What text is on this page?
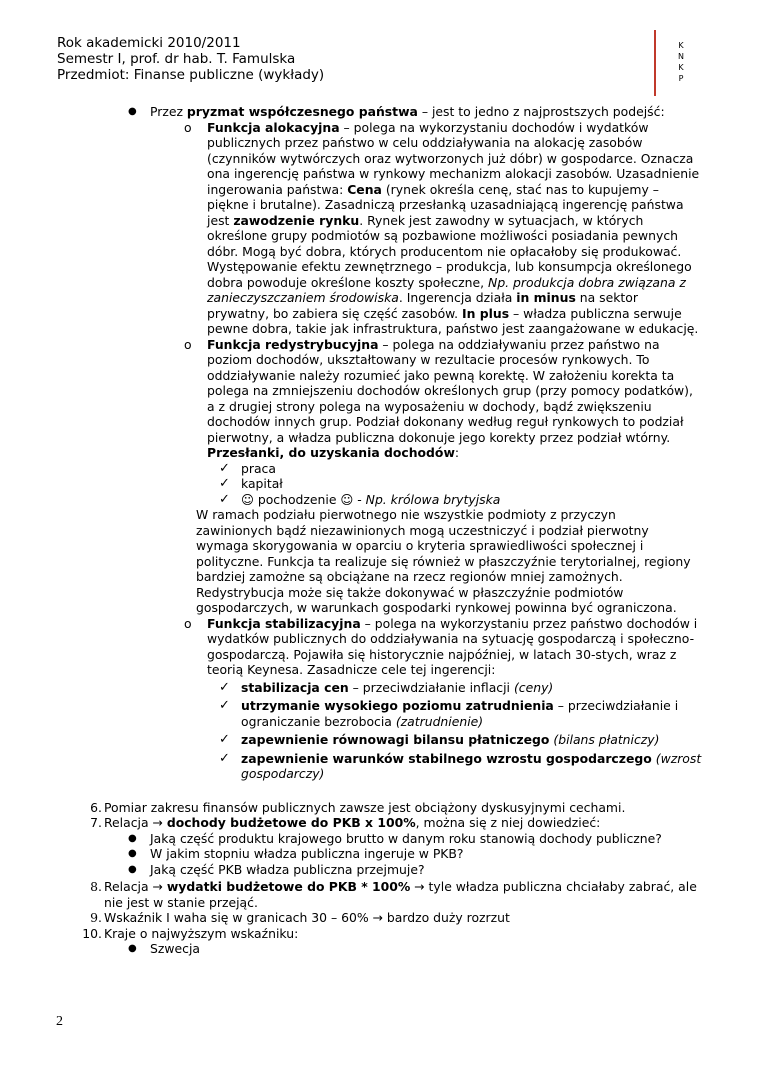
Rok akademicki 2010/2011
Semestr I, prof. dr hab. T. Famulska
Przedmiot: Finanse publiczne (wykłady)
K
N
K
P
● Przez pryzmat współczesnego państwa – jest to jedno z najprostszych podejść:
o Funkcja alokacyjna – polega na wykorzystaniu dochodów i wydatków publicznych przez państwo w celu oddziaływania na alokację zasobów (czynników wytwórczych oraz wytworzonych już dóbr) w gospodarce. Oznacza ona ingerencję państwa w rynkowy mechanizm alokacji zasobów. Uzasadnienie ingerowania państwa: Cena (rynek określa cenę, stać nas to kupujemy – piękne i brutalne). Zasadniczą przesłanką uzasadniającą ingerencję państwa jest zawodzenie rynku. Rynek jest zawodny w sytuacjach, w których określone grupy podmiotów są pozbawione możliwości posiadania pewnych dóbr. Mogą być dobra, których producentom nie opłacałoby się produkować. Występowanie efektu zewnętrznego – produkcja, lub konsumpcja określonego dobra powoduje określone koszty społeczne, Np. produkcja dobra związana z zanieczyszczaniem środowiska. Ingerencja działa in minus na sektor prywatny, bo zabiera się część zasobów. In plus – władza publiczna serwuje pewne dobra, takie jak infrastruktura, państwo jest zaangażowane w edukację.
o Funkcja redystrybucyjna – polega na oddziaływaniu przez państwo na poziom dochodów, ukształtowany w rezultacie procesów rynkowych. To oddziaływanie należy rozumieć jako pewną korektę. W założeniu korekta ta polega na zmniejszeniu dochodów określonych grup (przy pomocy podatków), a z drugiej strony polega na wyposażeniu w dochody, bądź zwiększeniu dochodów innych grup. Podział dokonany według reguł rynkowych to podział pierwotny, a władza publiczna dokonuje jego korekty przez podział wtórny. Przesłanki, do uzyskania dochodów:
✓ praca
✓ kapitał
✓ ☺ pochodzenie ☺ - Np. królowa brytyjska
W ramach podziału pierwotnego nie wszystkie podmioty z przyczyn zawinionych bądź niezawinionych mogą uczestniczyć i podział pierwotny wymaga skorygowania w oparciu o kryteria sprawiedliwości społecznej i polityczne. Funkcja ta realizuje się również w płaszczyźnie terytorialnej, regiony bardziej zamożne są obciążane na rzecz regionów mniej zamożnych. Redystrybucja może się także dokonywać w płaszczyźnie podmiotów gospodarczych, w warunkach gospodarki rynkowej powinna być ograniczona.
o Funkcja stabilizacyjna – polega na wykorzystaniu przez państwo dochodów i wydatków publicznych do oddziaływania na sytuację gospodarczą i społeczno-gospodarczą. Pojawiła się historycznie najpóźniej, w latach 30-stych, wraz z teorią Keynesa. Zasadnicze cele tej ingerencji:
✓ stabilizacja cen – przeciwdziałanie inflacji (ceny)
✓ utrzymanie wysokiego poziomu zatrudnienia – przeciwdziałanie i ograniczanie bezrobocia (zatrudnienie)
✓ zapewnienie równowagi bilansu płatniczego (bilans płatniczy)
✓ zapewnienie warunków stabilnego wzrostu gospodarczego (wzrost gospodarczy)
6. Pomiar zakresu finansów publicznych zawsze jest obciążony dyskusyjnymi cechami.
7. Relacja → dochody budżetowe do PKB x 100%, można się z niej dowiedzieć:
● Jaką część produktu krajowego brutto w danym roku stanowią dochody publiczne?
● W jakim stopniu władza publiczna ingeruje w PKB?
● Jaką część PKB władza publiczna przejmuje?
8. Relacja → wydatki budżetowe do PKB * 100% → tyle władza publiczna chciałaby zabrać, ale nie jest w stanie przejąć.
9. Wskaźnik I waha się w granicach 30 – 60% → bardzo duży rozrzut
10. Kraje o najwyższym wskaźniku:
● Szwecja
2
